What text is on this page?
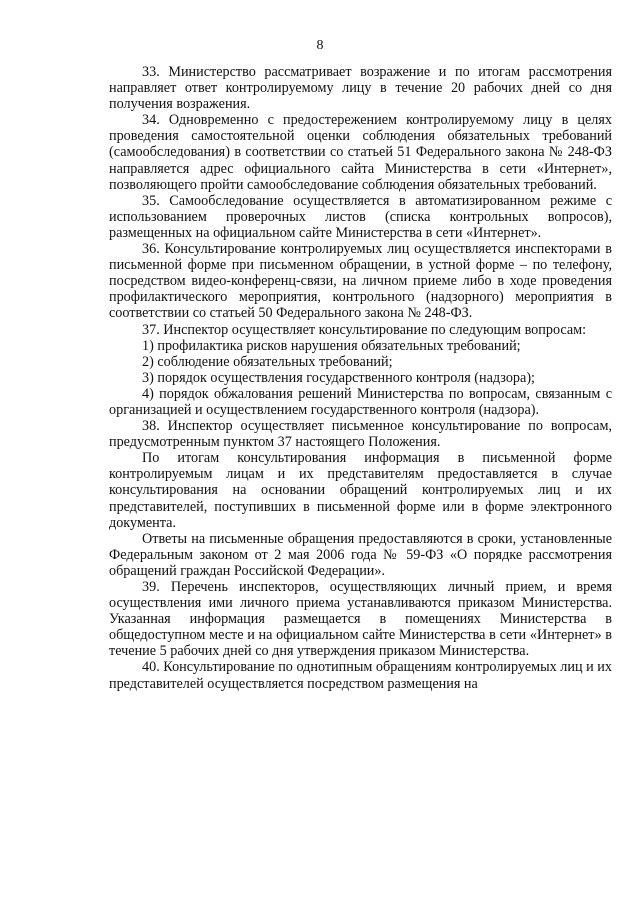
8

33. Министерство рассматривает возражение и по итогам рассмотрения направляет ответ контролируемому лицу в течение 20 рабочих дней со дня получения возражения.

34. Одновременно с предостережением контролируемому лицу в целях проведения самостоятельной оценки соблюдения обязательных требований (самообследования) в соответствии со статьей 51 Федерального закона № 248-ФЗ направляется адрес официального сайта Министерства в сети «Интернет», позволяющего пройти самообследование соблюдения обязательных требований.

35. Самообследование осуществляется в автоматизированном режиме с использованием проверочных листов (списка контрольных вопросов), размещенных на официальном сайте Министерства в сети «Интернет».

36. Консультирование контролируемых лиц осуществляется инспекторами в письменной форме при письменном обращении, в устной форме – по телефону, посредством видео-конференц-связи, на личном приеме либо в ходе проведения профилактического мероприятия, контрольного (надзорного) мероприятия в соответствии со статьей 50 Федерального закона № 248-ФЗ.

37. Инспектор осуществляет консультирование по следующим вопросам:

1) профилактика рисков нарушения обязательных требований;

2) соблюдение обязательных требований;

3) порядок осуществления государственного контроля (надзора);

4) порядок обжалования решений Министерства по вопросам, связанным с организацией и осуществлением государственного контроля (надзора).

38. Инспектор осуществляет письменное консультирование по вопросам, предусмотренным пунктом 37 настоящего Положения.

По итогам консультирования информация в письменной форме контролируемым лицам и их представителям предоставляется в случае консультирования на основании обращений контролируемых лиц и их представителей, поступивших в письменной форме или в форме электронного документа.

Ответы на письменные обращения предоставляются в сроки, установленные Федеральным законом от 2 мая 2006 года № 59-ФЗ «О порядке рассмотрения обращений граждан Российской Федерации».

39. Перечень инспекторов, осуществляющих личный прием, и время осуществления ими личного приема устанавливаются приказом Министерства. Указанная информация размещается в помещениях Министерства в общедоступном месте и на официальном сайте Министерства в сети «Интернет» в течение 5 рабочих дней со дня утверждения приказом Министерства.

40. Консультирование по однотипным обращениям контролируемых лиц и их представителей осуществляется посредством размещения на
